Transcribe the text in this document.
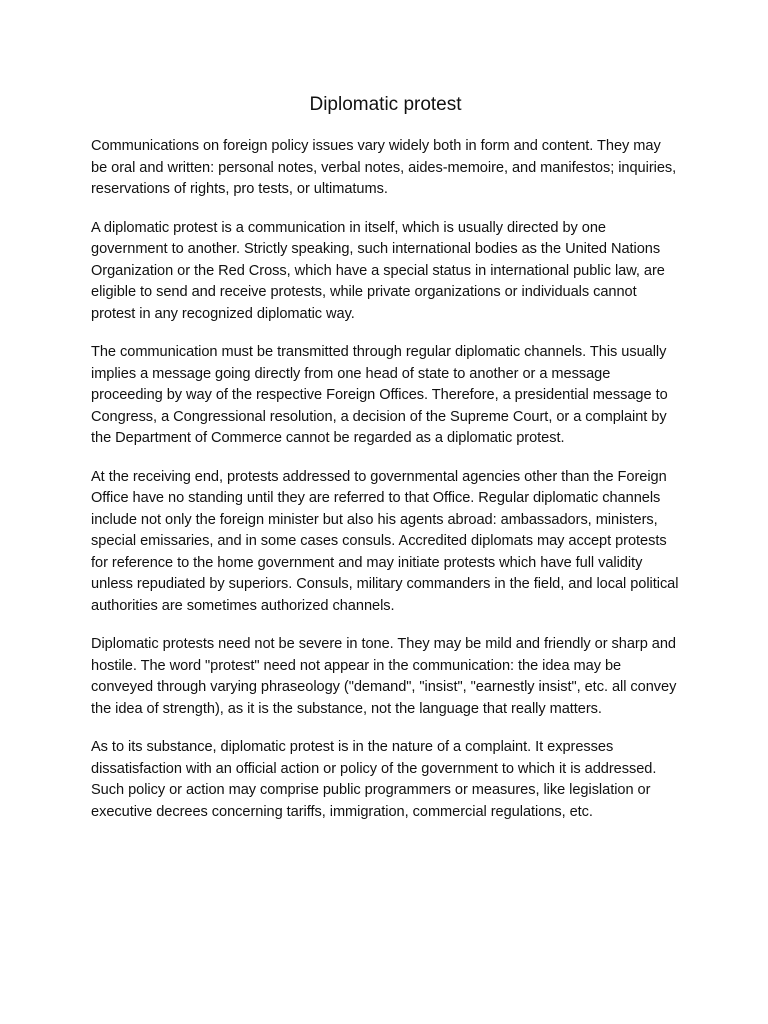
Diplomatic protest

Communications on foreign policy issues vary widely both in form and content. They may be oral and written: personal notes, verbal notes, aides-memoire, and manifestos; inquiries, reservations of rights, pro tests, or ultimatums.

A diplomatic protest is a communication in itself, which is usually directed by one government to another. Strictly speaking, such international bodies as the United Nations Organization or the Red Cross, which have a special status in international public law, are eligible to send and receive protests, while private organizations or individuals cannot protest in any recognized diplomatic way.

The communication must be transmitted through regular diplomatic channels. This usually implies a message going directly from one head of state to another or a message proceeding by way of the respective Foreign Offices. Therefore, a presidential message to Congress, a Congressional resolution, a decision of the Supreme Court, or a complaint by the Department of Commerce cannot be regarded as a diplomatic protest.

At the receiving end, protests addressed to governmental agencies other than the Foreign Office have no standing until they are referred to that Office. Regular diplomatic channels include not only the foreign minister but also his agents abroad: ambassadors, ministers, special emissaries, and in some cases consuls. Accredited diplomats may accept protests for reference to the home government and may initiate protests which have full validity unless repudiated by superiors. Consuls, military commanders in the field, and local political authorities are sometimes authorized channels.

Diplomatic protests need not be severe in tone. They may be mild and friendly or sharp and hostile. The word "protest" need not appear in the communication: the idea may be conveyed through varying phraseology ("demand", "insist", "earnestly insist", etc. all convey the idea of strength), as it is the substance, not the language that really matters.

As to its substance, diplomatic protest is in the nature of a complaint. It expresses dissatisfaction with an official action or policy of the government to which it is addressed. Such policy or action may comprise public programmers or measures, like legislation or executive decrees concerning tariffs, immigration, commercial regulations, etc.
